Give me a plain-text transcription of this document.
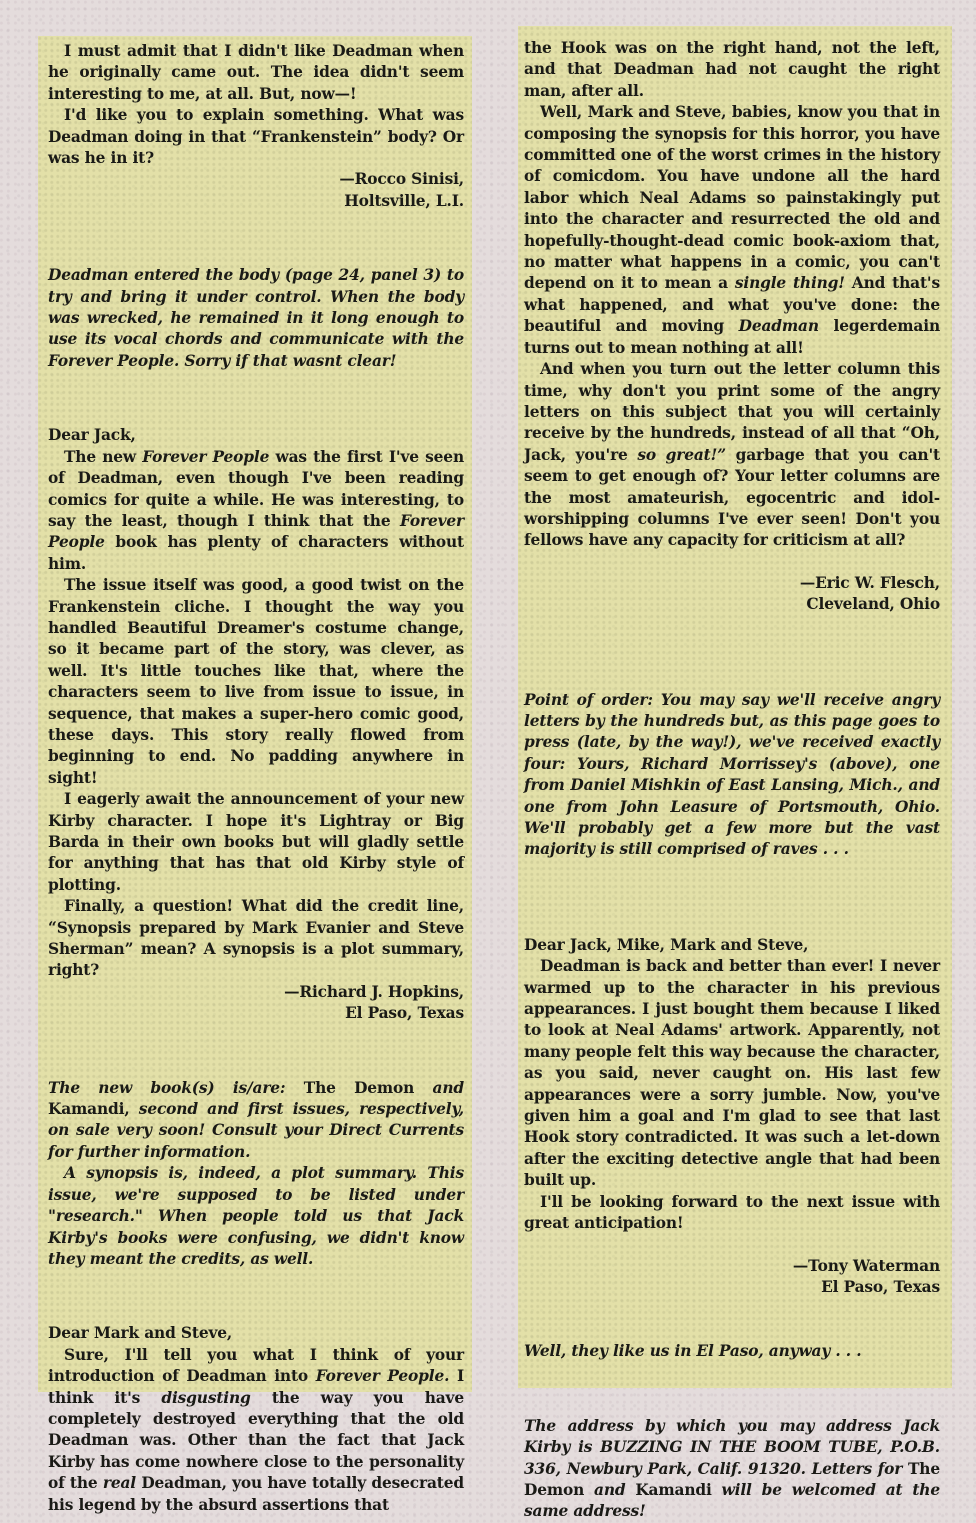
I must admit that I didn't like Deadman when he originally came out. The idea didn't seem interesting to me, at all. But, now—!

I'd like you to explain something. What was Deadman doing in that “Frankenstein” body? Or was he in it?

—Rocco Sinisi,

Holtsville, L.I.

Deadman entered the body (page 24, panel 3) to try and bring it under control. When the body was wrecked, he remained in it long enough to use its vocal chords and communicate with the Forever People. Sorry if that wasnt clear!

Dear Jack,

The new Forever People was the first I've seen of Deadman, even though I've been reading comics for quite a while. He was interesting, to say the least, though I think that the Forever People book has plenty of characters without him.

The issue itself was good, a good twist on the Frankenstein cliche. I thought the way you handled Beautiful Dreamer's costume change, so it became part of the story, was clever, as well. It's little touches like that, where the characters seem to live from issue to issue, in sequence, that makes a super-hero comic good, these days. This story really flowed from beginning to end. No padding anywhere in sight!

I eagerly await the announcement of your new Kirby character. I hope it's Lightray or Big Barda in their own books but will gladly settle for anything that has that old Kirby style of plotting.

Finally, a question! What did the credit line, “Synopsis prepared by Mark Evanier and Steve Sherman” mean? A synopsis is a plot summary, right?

—Richard J. Hopkins,

El Paso, Texas

The new book(s) is/are: The Demon and Kamandi, second and first issues, respectively, on sale very soon! Consult your Direct Currents for further information.

A synopsis is, indeed, a plot summary. This issue, we're supposed to be listed under "research." When people told us that Jack Kirby's books were confusing, we didn't know they meant the credits, as well.

Dear Mark and Steve,

Sure, I'll tell you what I think of your introduction of Deadman into Forever People. I think it's disgusting the way you have completely destroyed everything that the old Deadman was. Other than the fact that Jack Kirby has come nowhere close to the personality of the real Deadman, you have totally desecrated his legend by the absurd assertions that

the Hook was on the right hand, not the left, and that Deadman had not caught the right man, after all.

Well, Mark and Steve, babies, know you that in composing the synopsis for this horror, you have committed one of the worst crimes in the history of comicdom. You have undone all the hard labor which Neal Adams so painstakingly put into the character and resurrected the old and hopefully-thought-dead comic book-axiom that, no matter what happens in a comic, you can't depend on it to mean a single thing! And that's what happened, and what you've done: the beautiful and moving Deadman legerdemain turns out to mean nothing at all!

And when you turn out the letter column this time, why don't you print some of the angry letters on this subject that you will certainly receive by the hundreds, instead of all that “Oh, Jack, you're so great!” garbage that you can't seem to get enough of? Your letter columns are the most amateurish, egocentric and idol-worshipping columns I've ever seen! Don't you fellows have any capacity for criticism at all?

—Eric W. Flesch,

Cleveland, Ohio

Point of order: You may say we'll receive angry letters by the hundreds but, as this page goes to press (late, by the way!), we've received exactly four: Yours, Richard Morrissey's (above), one from Daniel Mishkin of East Lansing, Mich., and one from John Leasure of Portsmouth, Ohio. We'll probably get a few more but the vast majority is still comprised of raves . . .

Dear Jack, Mike, Mark and Steve,

Deadman is back and better than ever! I never warmed up to the character in his previous appearances. I just bought them because I liked to look at Neal Adams' artwork. Apparently, not many people felt this way because the character, as you said, never caught on. His last few appearances were a sorry jumble. Now, you've given him a goal and I'm glad to see that last Hook story contradicted. It was such a let-down after the exciting detective angle that had been built up.

I'll be looking forward to the next issue with great anticipation!

—Tony Waterman

El Paso, Texas

Well, they like us in El Paso, anyway . . .

The address by which you may address Jack Kirby is BUZZING IN THE BOOM TUBE, P.O.B. 336, Newbury Park, Calif. 91320. Letters for The Demon and Kamandi will be welcomed at the same address!
